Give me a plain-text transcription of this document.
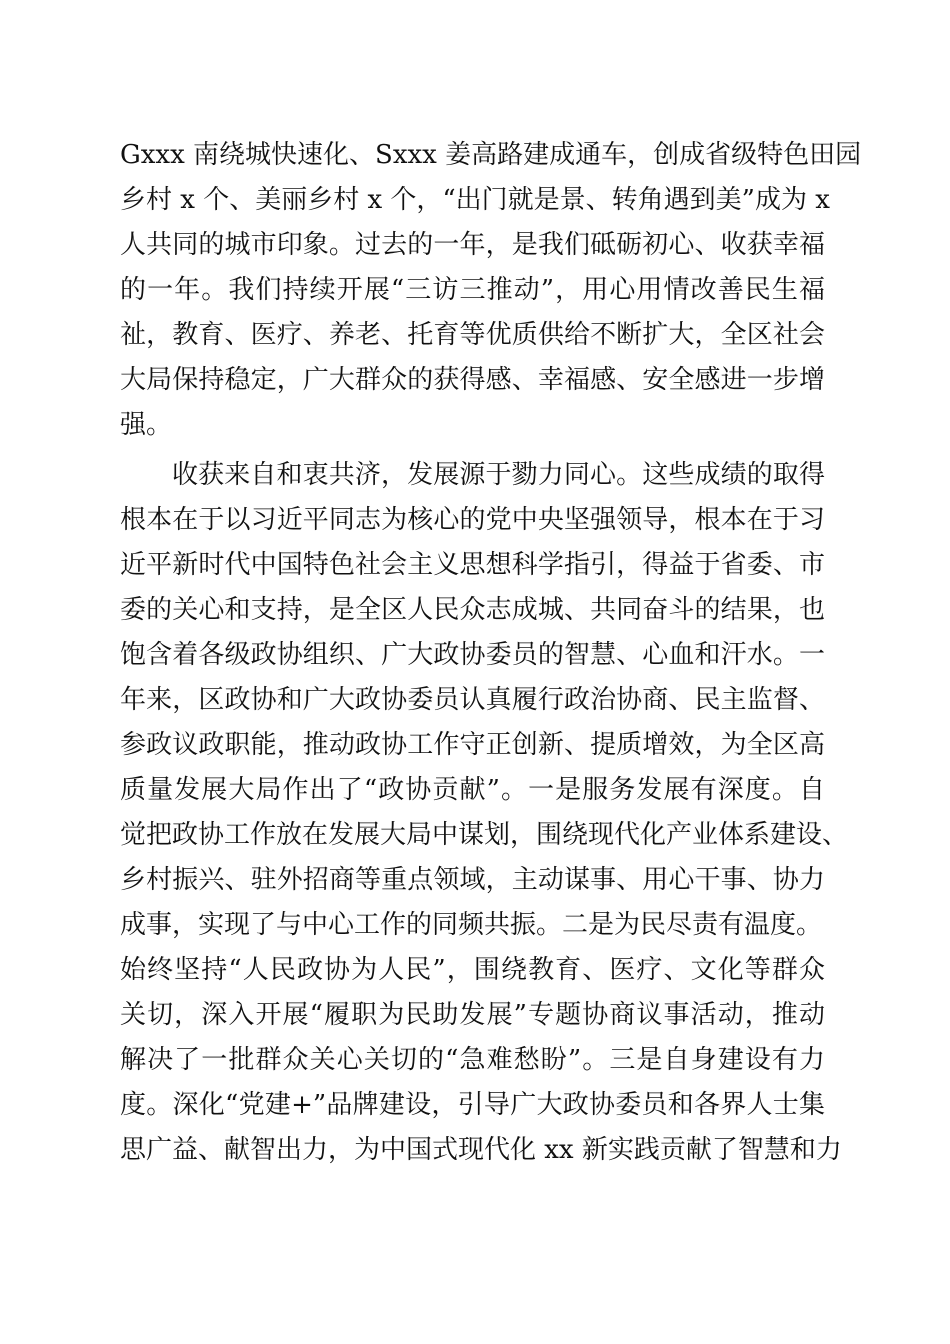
Gxxx 南绕城快速化、Sxxx 姜高路建成通车，创成省级特色田园
乡村 x 个、美丽乡村 x 个，“出门就是景、转角遇到美”成为 x
人共同的城市印象。过去的一年，是我们砥砺初心、收获幸福
的一年。我们持续开展“三访三推动”，用心用情改善民生福
祉，教育、医疗、养老、托育等优质供给不断扩大，全区社会
大局保持稳定，广大群众的获得感、幸福感、安全感进一步增
强。
收获来自和衷共济，发展源于勠力同心。这些成绩的取得
根本在于以习近平同志为核心的党中央坚强领导，根本在于习
近平新时代中国特色社会主义思想科学指引，得益于省委、市
委的关心和支持，是全区人民众志成城、共同奋斗的结果，也
饱含着各级政协组织、广大政协委员的智慧、心血和汗水。一
年来，区政协和广大政协委员认真履行政治协商、民主监督、
参政议政职能，推动政协工作守正创新、提质增效，为全区高
质量发展大局作出了“政协贡献”。一是服务发展有深度。自
觉把政协工作放在发展大局中谋划，围绕现代化产业体系建设、
乡村振兴、驻外招商等重点领域，主动谋事、用心干事、协力
成事，实现了与中心工作的同频共振。二是为民尽责有温度。
始终坚持“人民政协为人民”，围绕教育、医疗、文化等群众
关切，深入开展“履职为民助发展”专题协商议事活动，推动
解决了一批群众关心关切的“急难愁盼”。三是自身建设有力
度。深化“党建+”品牌建设，引导广大政协委员和各界人士集
思广益、献智出力，为中国式现代化 xx 新实践贡献了智慧和力
